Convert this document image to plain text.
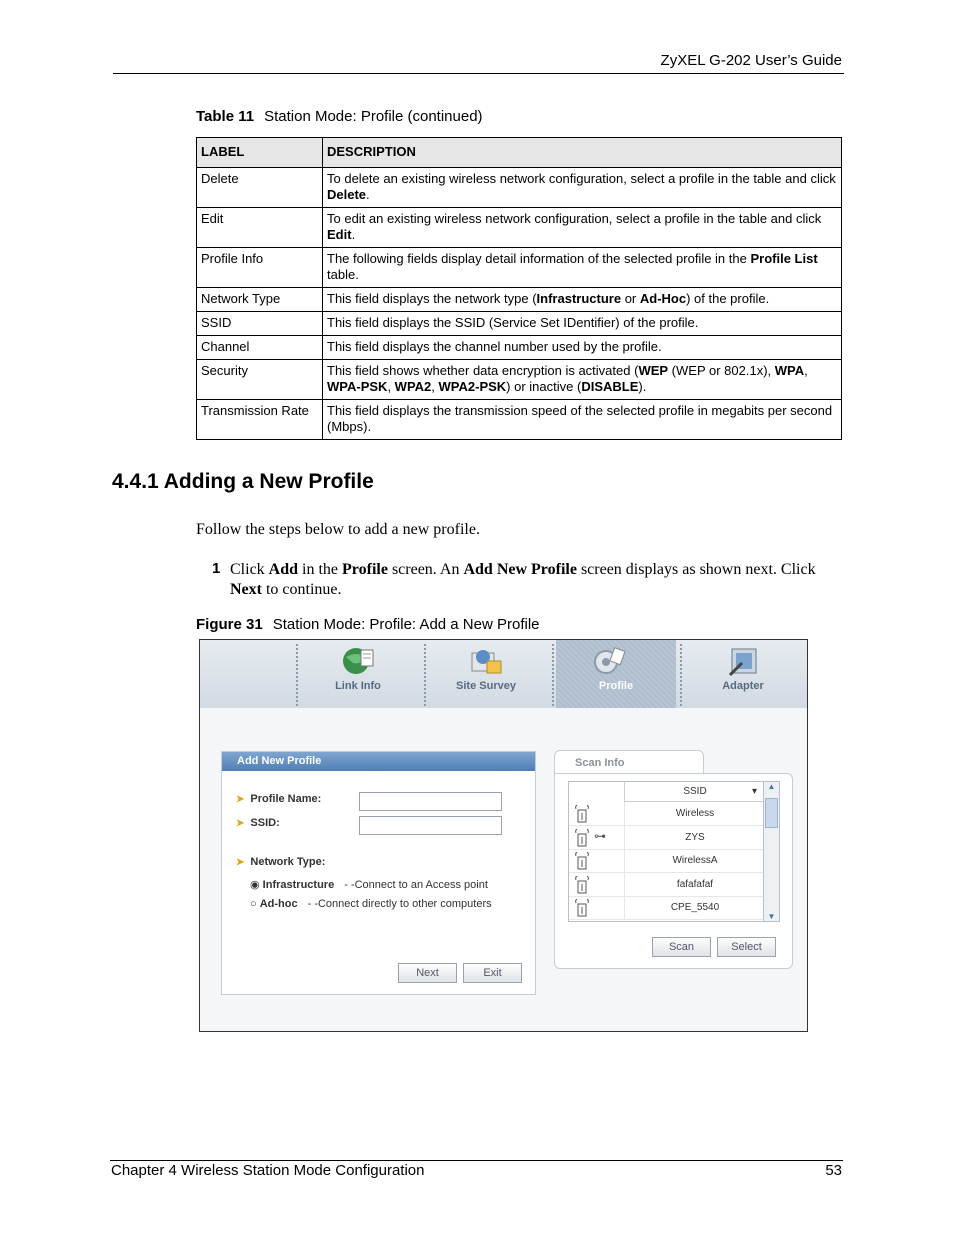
ZyXEL G-202 User’s Guide
Table 11 Station Mode: Profile (continued)
LABEL	DESCRIPTION
Delete	To delete an existing wireless network configuration, select a profile in the table and click Delete.
Edit	To edit an existing wireless network configuration, select a profile in the table and click Edit.
Profile Info	The following fields display detail information of the selected profile in the Profile List table.
Network Type	This field displays the network type (Infrastructure or Ad-Hoc) of the profile.
SSID	This field displays the SSID (Service Set IDentifier) of the profile.
Channel	This field displays the channel number used by the profile.
Security	This field shows whether data encryption is activated (WEP (WEP or 802.1x), WPA, WPA-PSK, WPA2, WPA2-PSK) or inactive (DISABLE).
Transmission Rate	This field displays the transmission speed of the selected profile in megabits per second (Mbps).
4.4.1 Adding a New Profile
Follow the steps below to add a new profile.
1 Click Add in the Profile screen. An Add New Profile screen displays as shown next. Click Next to continue.
Figure 31 Station Mode: Profile: Add a New Profile
Link Info	Site Survey	Profile	Adapter
Add New Profile
➤ Profile Name:
➤ SSID:
➤ Network Type:
◉ Infrastructure - -Connect to an Access point
○ Ad-hoc - -Connect directly to other computers
Next	Exit
Scan Info
SSID	▾
Wireless
⊶	ZYS
WirelessA
fafafafaf
CPE_5540
▲
▼
Scan	Select
Chapter 4 Wireless Station Mode Configuration	53
